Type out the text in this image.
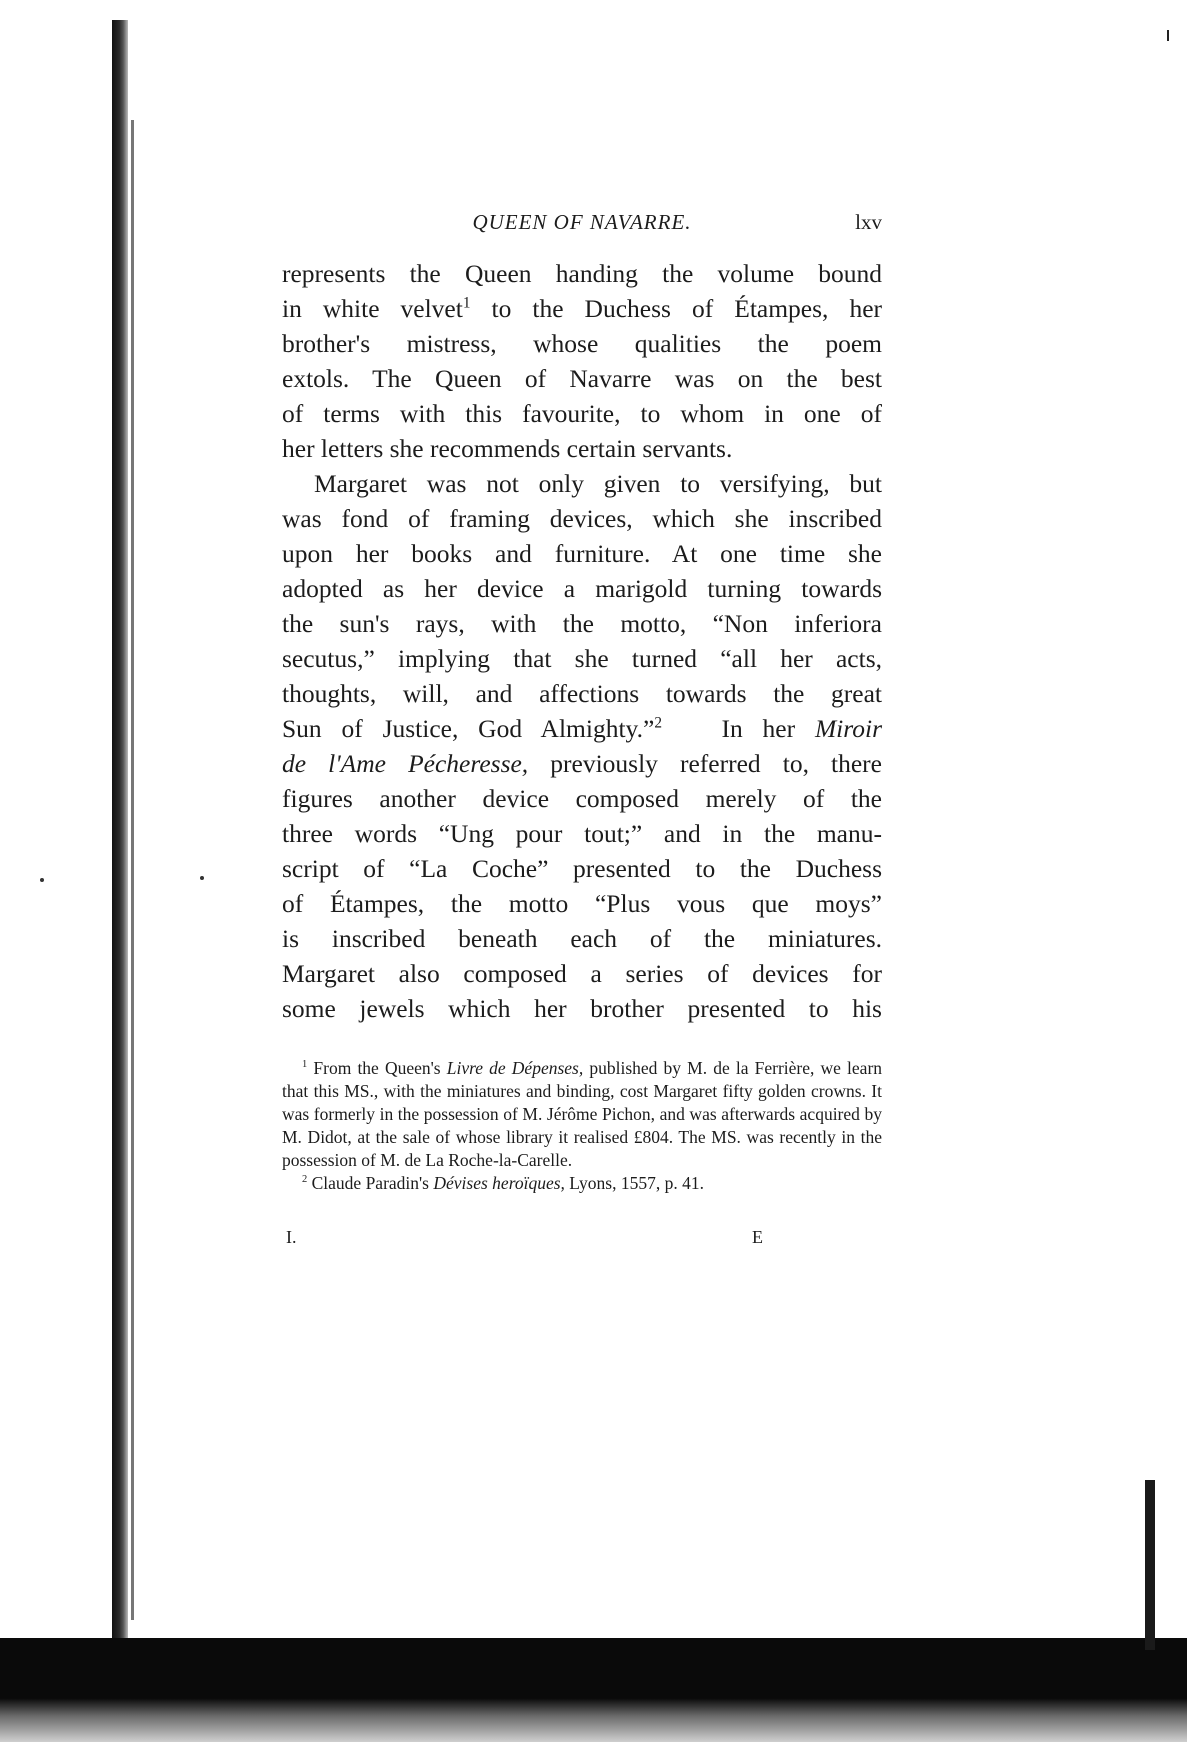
QUEEN OF NAVARRE.	lxv

represents the Queen handing the volume bound

in white velvet$^1$ to the Duchess of Étampes, her

brother's mistress, whose qualities the poem

extols. The Queen of Navarre was on the best

of terms with this favourite, to whom in one of

her letters she recommends certain servants.

Margaret was not only given to versifying, but

was fond of framing devices, which she inscribed

upon her books and furniture. At one time she

adopted as her device a marigold turning towards

the sun's rays, with the motto, “Non inferiora

secutus,” implying that she turned “all her acts,

thoughts, will, and affections towards the great

Sun of Justice, God Almighty.”$^2$ In her Miroir

de l'Ame Pécheresse, previously referred to, there

figures another device composed merely of the

three words “Ung pour tout;” and in the manu-

script of “La Coche” presented to the Duchess

of Étampes, the motto “Plus vous que moys”

is inscribed beneath each of the miniatures.

Margaret also composed a series of devices for

some jewels which her brother presented to his

$^1$ From the Queen's Livre de Dépenses, published by M. de la Ferrière, we learn that this MS., with the miniatures and binding, cost Margaret fifty golden crowns. It was formerly in the possession of M. Jérôme Pichon, and was afterwards acquired by M. Didot, at the sale of whose library it realised £804. The MS. was recently in the possession of M. de La Roche-la-Carelle.

$^2$ Claude Paradin's Dévises heroïques, Lyons, 1557, p. 41.

I.	E
